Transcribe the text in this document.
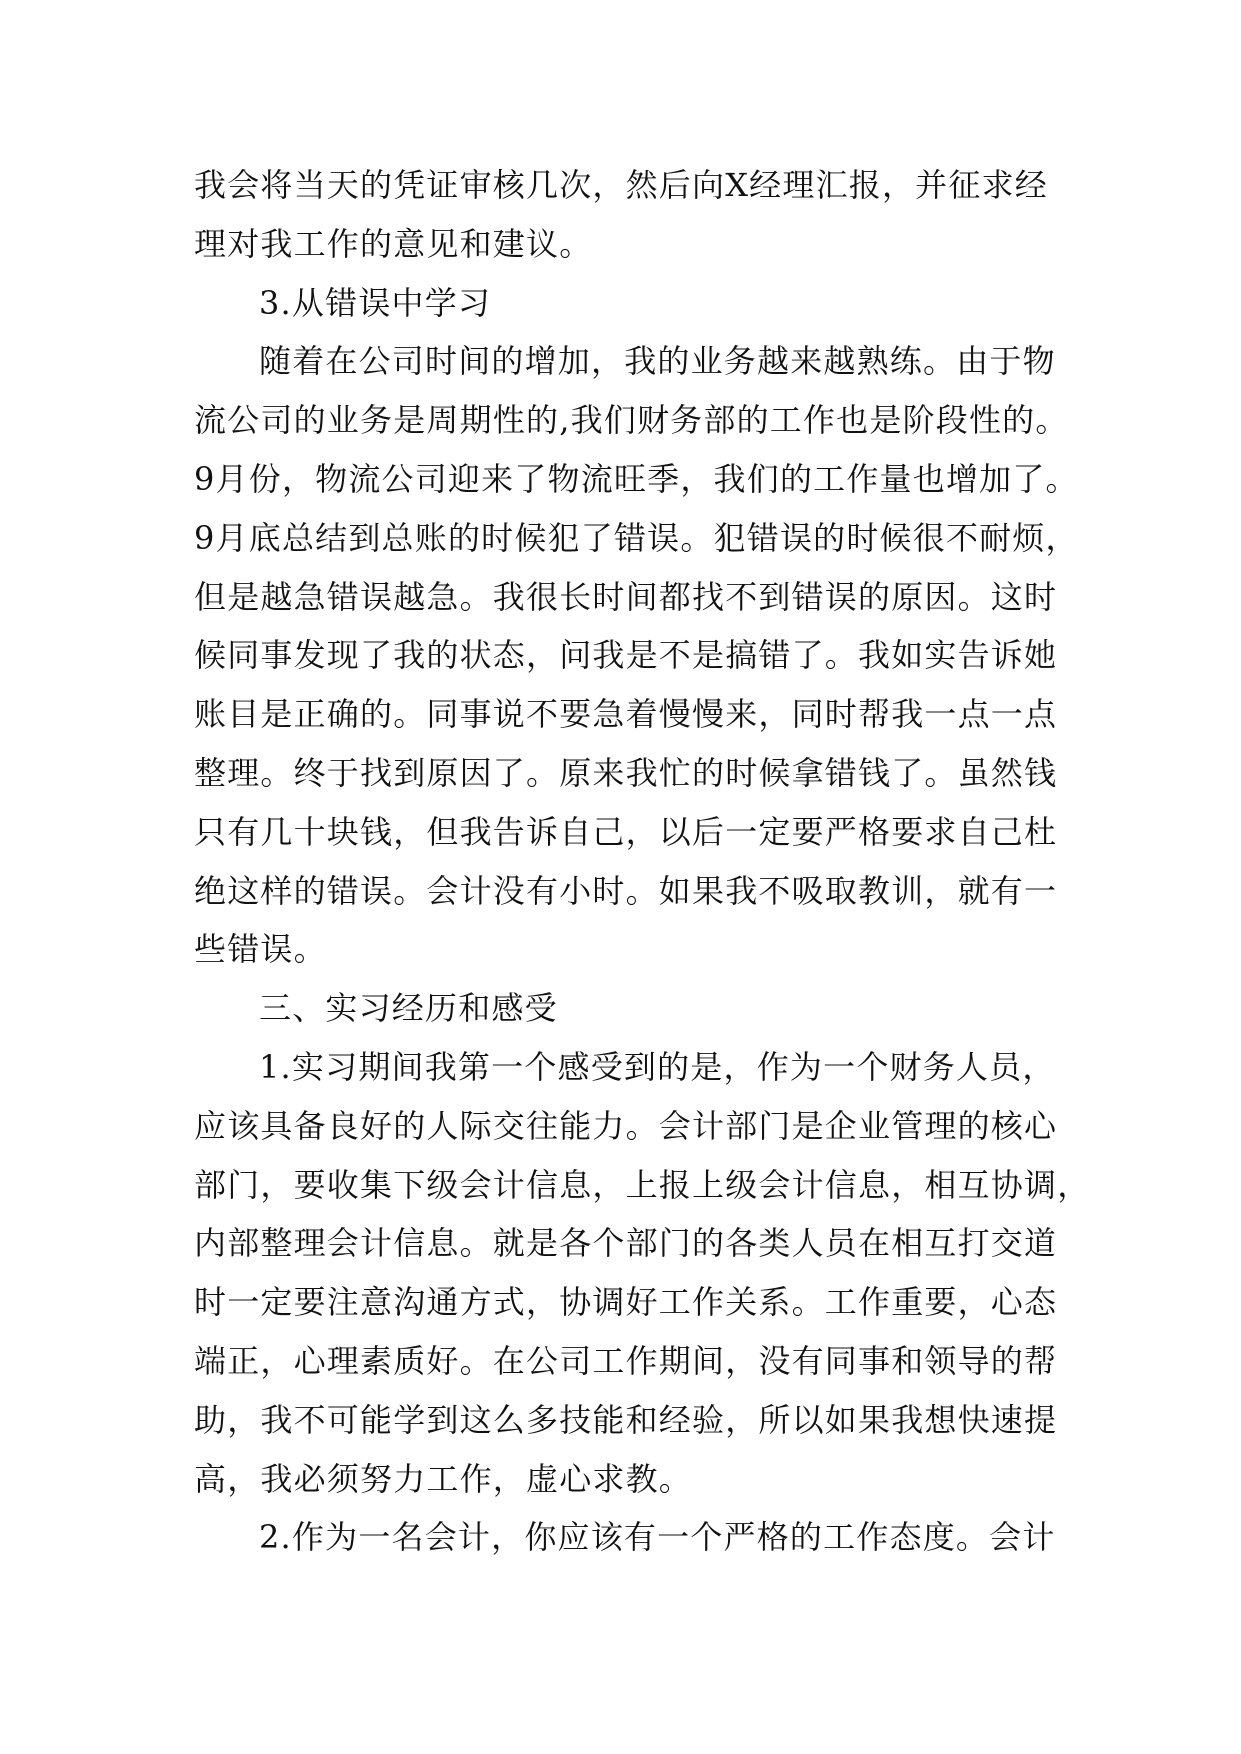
我会将当天的凭证审核几次，然后向X经理汇报，并征求经
理对我工作的意见和建议。
3.从错误中学习
随着在公司时间的增加，我的业务越来越熟练。由于物
流公司的业务是周期性的,我们财务部的工作也是阶段性的。
9月份，物流公司迎来了物流旺季，我们的工作量也增加了。
9月底总结到总账的时候犯了错误。犯错误的时候很不耐烦，
但是越急错误越急。我很长时间都找不到错误的原因。这时
候同事发现了我的状态，问我是不是搞错了。我如实告诉她
账目是正确的。同事说不要急着慢慢来，同时帮我一点一点
整理。终于找到原因了。原来我忙的时候拿错钱了。虽然钱
只有几十块钱，但我告诉自己，以后一定要严格要求自己杜
绝这样的错误。会计没有小时。如果我不吸取教训，就有一
些错误。
三、实习经历和感受
1.实习期间我第一个感受到的是，作为一个财务人员，
应该具备良好的人际交往能力。会计部门是企业管理的核心
部门，要收集下级会计信息，上报上级会计信息，相互协调，
内部整理会计信息。就是各个部门的各类人员在相互打交道
时一定要注意沟通方式，协调好工作关系。工作重要，心态
端正，心理素质好。在公司工作期间，没有同事和领导的帮
助，我不可能学到这么多技能和经验，所以如果我想快速提
高，我必须努力工作，虚心求教。
2.作为一名会计，你应该有一个严格的工作态度。会计
